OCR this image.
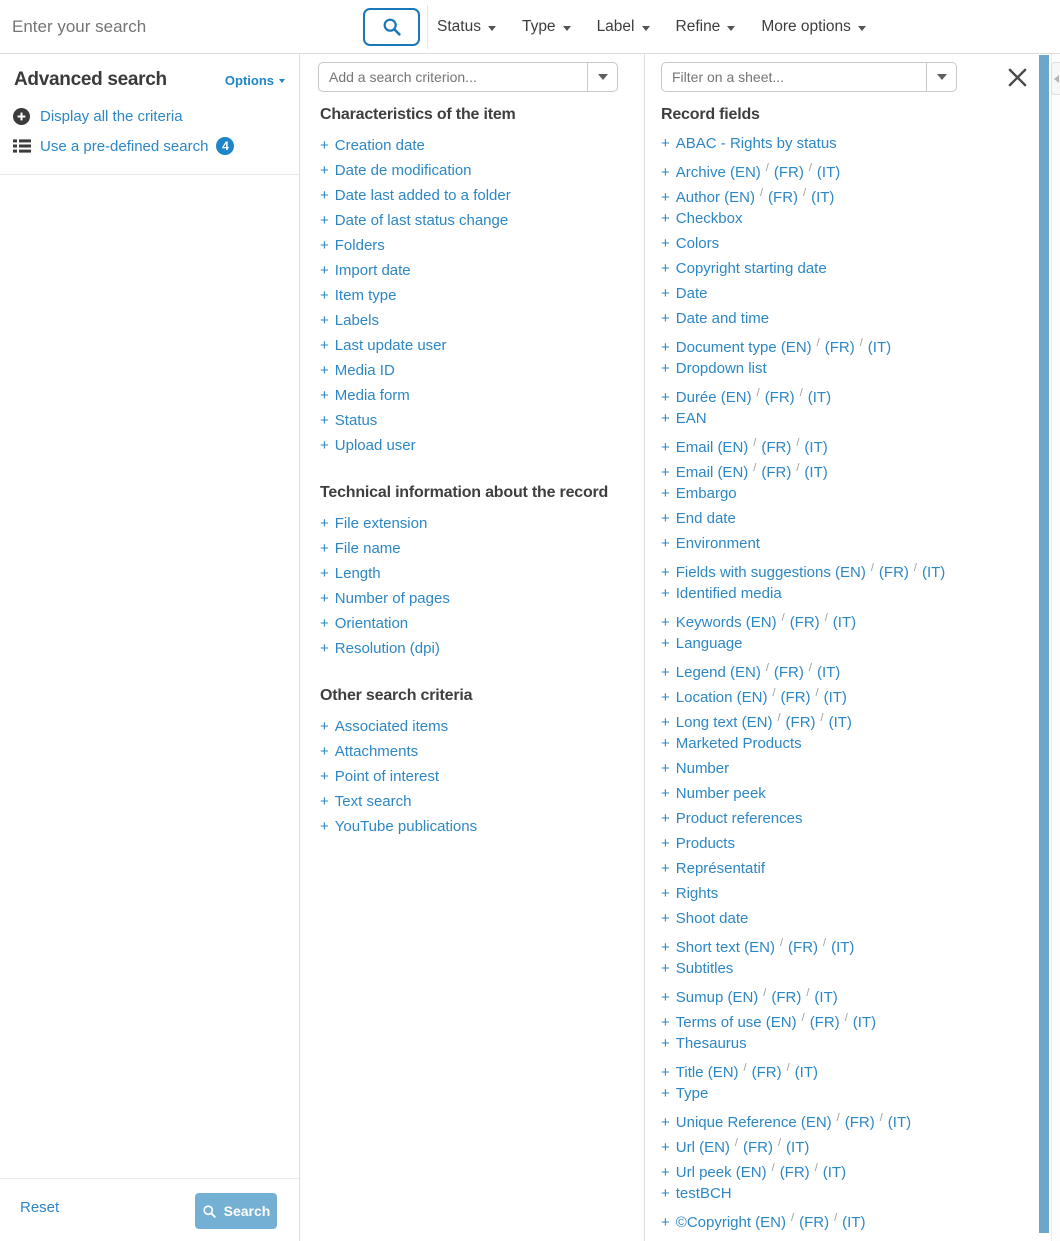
Enter your search
Status	Type	Label	Refine	More options
Advanced search	Options
Display all the criteria
Use a pre-defined search	4
Reset	Search
Add a search criterion...
Characteristics of the item
+ Creation date
+ Date de modification
+ Date last added to a folder
+ Date of last status change
+ Folders
+ Import date
+ Item type
+ Labels
+ Last update user
+ Media ID
+ Media form
+ Status
+ Upload user
Technical information about the record
+ File extension
+ File name
+ Length
+ Number of pages
+ Orientation
+ Resolution (dpi)
Other search criteria
+ Associated items
+ Attachments
+ Point of interest
+ Text search
+ YouTube publications
Filter on a sheet...
Record fields
+ ABAC - Rights by status
+ Archive (EN) / (FR) / (IT)
+ Author (EN) / (FR) / (IT)
+ Checkbox
+ Colors
+ Copyright starting date
+ Date
+ Date and time
+ Document type (EN) / (FR) / (IT)
+ Dropdown list
+ Durée (EN) / (FR) / (IT)
+ EAN
+ Email (EN) / (FR) / (IT)
+ Email (EN) / (FR) / (IT)
+ Embargo
+ End date
+ Environment
+ Fields with suggestions (EN) / (FR) / (IT)
+ Identified media
+ Keywords (EN) / (FR) / (IT)
+ Language
+ Legend (EN) / (FR) / (IT)
+ Location (EN) / (FR) / (IT)
+ Long text (EN) / (FR) / (IT)
+ Marketed Products
+ Number
+ Number peek
+ Product references
+ Products
+ Représentatif
+ Rights
+ Shoot date
+ Short text (EN) / (FR) / (IT)
+ Subtitles
+ Sumup (EN) / (FR) / (IT)
+ Terms of use (EN) / (FR) / (IT)
+ Thesaurus
+ Title (EN) / (FR) / (IT)
+ Type
+ Unique Reference (EN) / (FR) / (IT)
+ Url (EN) / (FR) / (IT)
+ Url peek (EN) / (FR) / (IT)
+ testBCH
+ ©Copyright (EN) / (FR) / (IT)
